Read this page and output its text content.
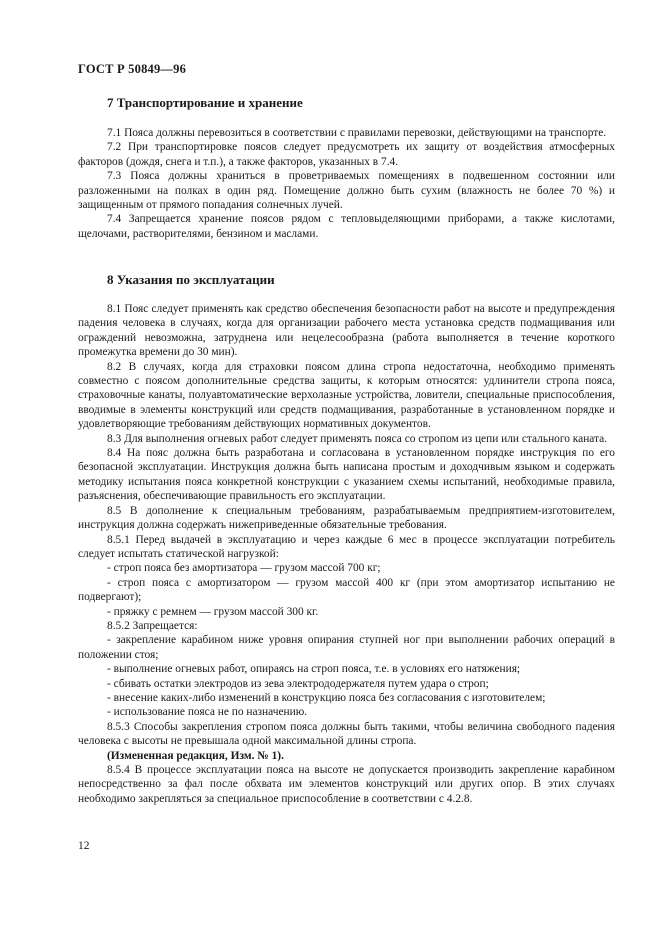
ГОСТ Р 50849—96
7 Транспортирование и хранение

7.1 Пояса должны перевозиться в соответствии с правилами перевозки, действующими на транспорте.

7.2 При транспортировке поясов следует предусмотреть их защиту от воздействия атмосферных факторов (дождя, снега и т.п.), а также факторов, указанных в 7.4.

7.3 Пояса должны храниться в проветриваемых помещениях в подвешенном состоянии или разложенными на полках в один ряд. Помещение должно быть сухим (влажность не более 70 %) и защищенным от прямого попадания солнечных лучей.

7.4 Запрещается хранение поясов рядом с тепловыделяющими приборами, а также кислотами, щелочами, растворителями, бензином и маслами.

8 Указания по эксплуатации

8.1 Пояс следует применять как средство обеспечения безопасности работ на высоте и предупреждения падения человека в случаях, когда для организации рабочего места установка средств подмащивания или ограждений невозможна, затруднена или нецелесообразна (работа выполняется в течение короткого промежутка времени до 30 мин).

8.2 В случаях, когда для страховки поясом длина стропа недостаточна, необходимо применять совместно с поясом дополнительные средства защиты, к которым относятся: удлинители стропа пояса, страховочные канаты, полуавтоматические верхолазные устройства, ловители, специальные приспособления, вводимые в элементы конструкций или средств подмащивания, разработанные в установленном порядке и удовлетворяющие требованиям действующих нормативных документов.

8.3 Для выполнения огневых работ следует применять пояса со стропом из цепи или стального каната.

8.4 На пояс должна быть разработана и согласована в установленном порядке инструкция по его безопасной эксплуатации. Инструкция должна быть написана простым и доходчивым языком и содержать методику испытания пояса конкретной конструкции с указанием схемы испытаний, необходимые правила, разъяснения, обеспечивающие правильность его эксплуатации.

8.5 В дополнение к специальным требованиям, разрабатываемым предприятием-изготовителем, инструкция должна содержать нижеприведенные обязательные требования.

8.5.1 Перед выдачей в эксплуатацию и через каждые 6 мес в процессе эксплуатации потребитель следует испытать статической нагрузкой:

- строп пояса без амортизатора — грузом массой 700 кг;

- строп пояса с амортизатором — грузом массой 400 кг (при этом амортизатор испытанию не подвергают);

- пряжку с ремнем — грузом массой 300 кг.

8.5.2 Запрещается:

- закрепление карабином ниже уровня опирания ступней ног при выполнении рабочих операций в положении стоя;

- выполнение огневых работ, опираясь на строп пояса, т.е. в условиях его натяжения;

- сбивать остатки электродов из зева электрододержателя путем удара о строп;

- внесение каких-либо изменений в конструкцию пояса без согласования с изготовителем;

- использование пояса не по назначению.

8.5.3 Способы закрепления стропом пояса должны быть такими, чтобы величина свободного падения человека с высоты не превышала одной максимальной длины стропа.

(Измененная редакция, Изм. № 1).

8.5.4 В процессе эксплуатации пояса на высоте не допускается производить закрепление карабином непосредственно за фал после обхвата им элементов конструкций или других опор. В этих случаях необходимо закрепляться за специальное приспособление в соответствии с 4.2.8.

12
